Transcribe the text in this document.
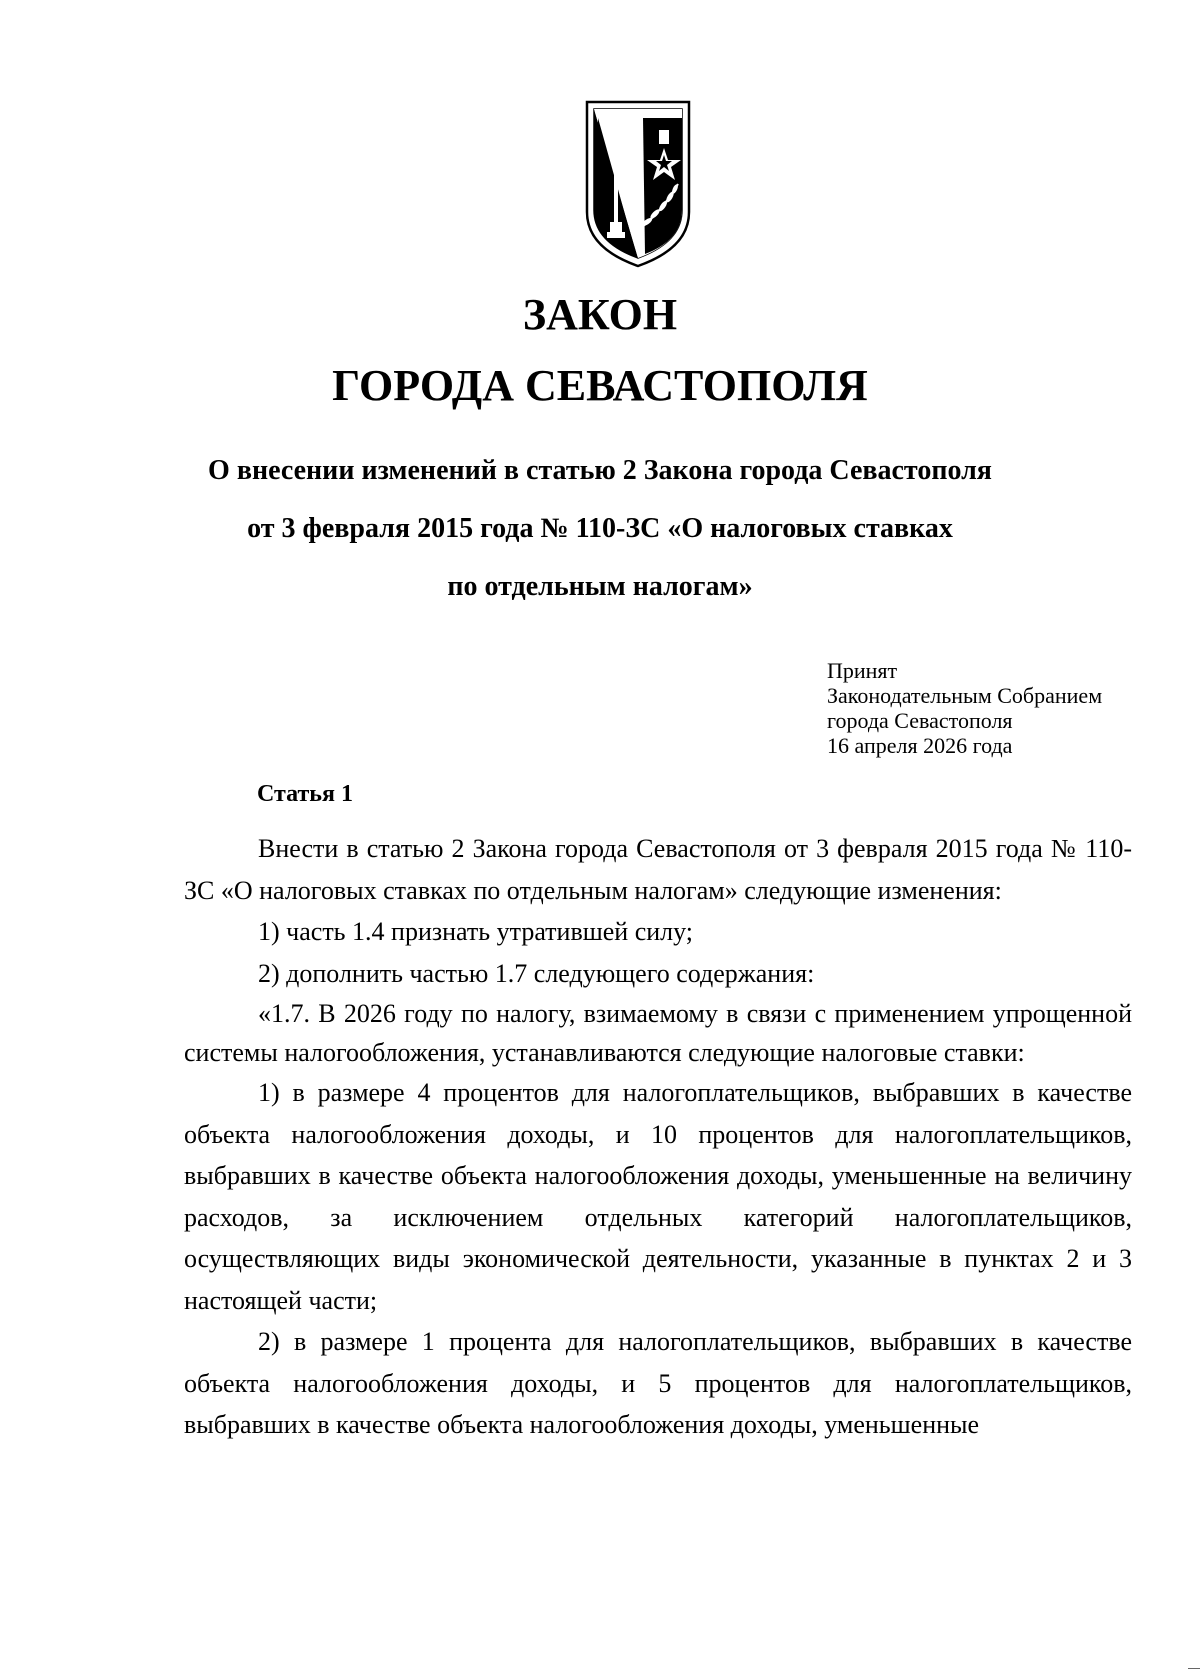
ЗАКОН
ГОРОДА СЕВАСТОПОЛЯ
О внесении изменений в статью 2 Закона города Севастополя
от 3 февраля 2015 года № 110-ЗС «О налоговых ставках
по отдельным налогам»
Принят
Законодательным Собранием
города Севастополя
16 апреля 2026 года
Статья 1

Внести в статью 2 Закона города Севастополя от 3 февраля 2015 года № 110-ЗС «О налоговых ставках по отдельным налогам» следующие изменения:

1) часть 1.4 признать утратившей силу;

2) дополнить частью 1.7 следующего содержания:

«1.7. В 2026 году по налогу, взимаемому в связи с применением упрощенной системы налогообложения, устанавливаются следующие налоговые ставки:

1) в размере 4 процентов для налогоплательщиков, выбравших в качестве объекта налогообложения доходы, и 10 процентов для налогоплательщиков, выбравших в качестве объекта налогообложения доходы, уменьшенные на величину расходов, за исключением отдельных категорий налогоплательщиков, осуществляющих виды экономической деятельности, указанные в пунктах 2 и 3 настоящей части;

2) в размере 1 процента для налогоплательщиков, выбравших в качестве объекта налогообложения доходы, и 5 процентов для налогоплательщиков, выбравших в качестве объекта налогообложения доходы, уменьшенные
